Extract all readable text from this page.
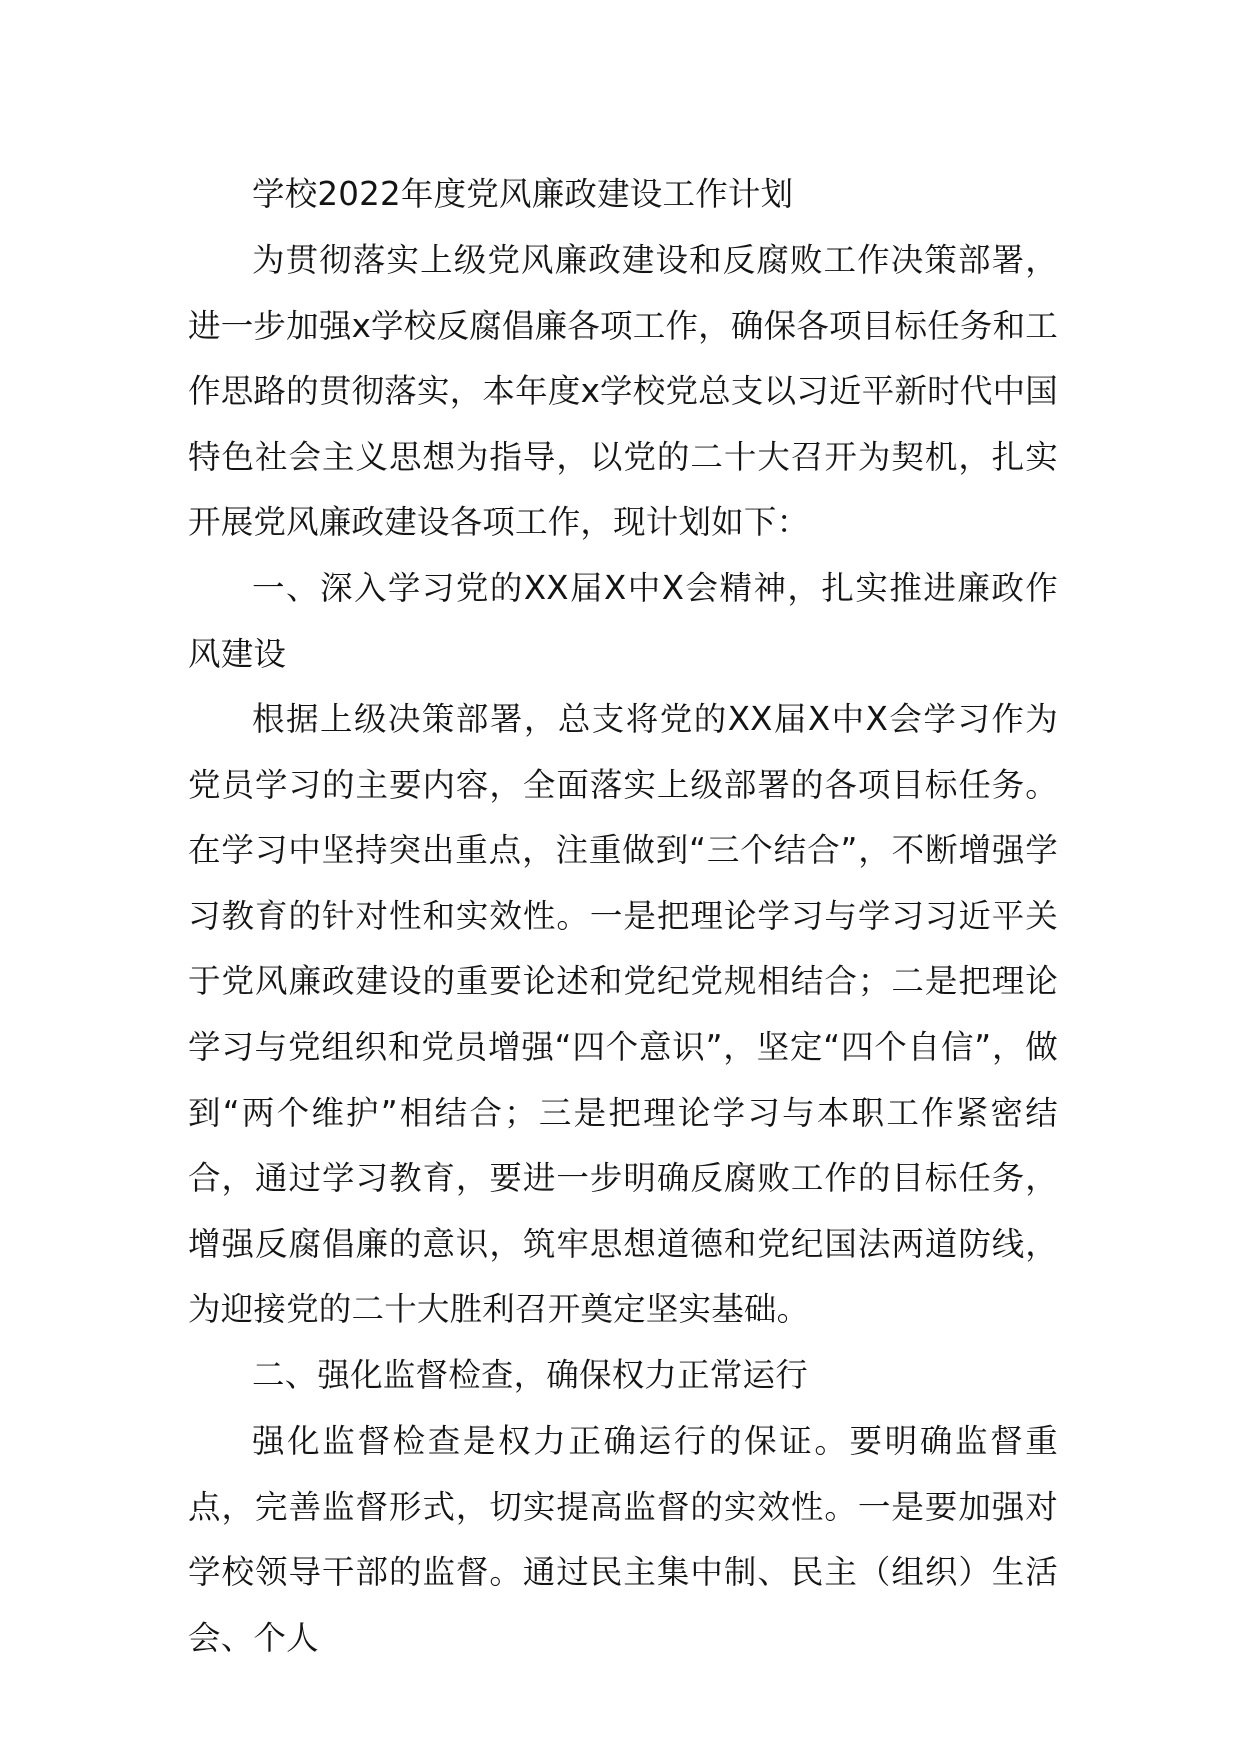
学校2022年度党风廉政建设工作计划

为贯彻落实上级党风廉政建设和反腐败工作决策部署，进一步加强x学校反腐倡廉各项工作，确保各项目标任务和工作思路的贯彻落实，本年度x学校党总支以习近平新时代中国特色社会主义思想为指导，以党的二十大召开为契机，扎实开展党风廉政建设各项工作，现计划如下：

一、深入学习党的XX届X中X会精神，扎实推进廉政作风建设

根据上级决策部署，总支将党的XX届X中X会学习作为党员学习的主要内容，全面落实上级部署的各项目标任务。在学习中坚持突出重点，注重做到“三个结合”，不断增强学习教育的针对性和实效性。一是把理论学习与学习习近平关于党风廉政建设的重要论述和党纪党规相结合；二是把理论学习与党组织和党员增强“四个意识”，坚定“四个自信”，做到“两个维护”相结合；三是把理论学习与本职工作紧密结合，通过学习教育，要进一步明确反腐败工作的目标任务，增强反腐倡廉的意识，筑牢思想道德和党纪国法两道防线，为迎接党的二十大胜利召开奠定坚实基础。

二、强化监督检查，确保权力正常运行

强化监督检查是权力正确运行的保证。要明确监督重点，完善监督形式，切实提高监督的实效性。一是要加强对学校领导干部的监督。通过民主集中制、民主（组织）生活会、个人
